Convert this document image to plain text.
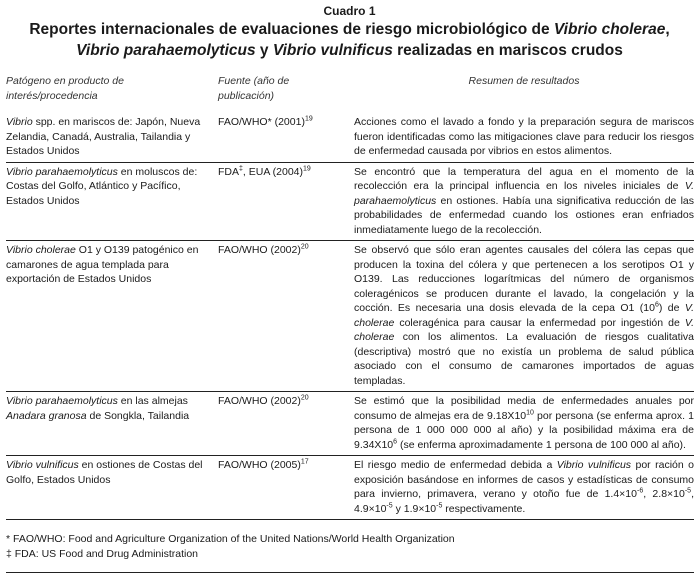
Cuadro 1
Reportes internacionales de evaluaciones de riesgo microbiológico de Vibrio cholerae,
Vibrio parahaemolyticus y Vibrio vulnificus realizadas en mariscos crudos
Patógeno en producto de interés/procedencia	Fuente (año de publicación)	Resumen de resultados
Vibrio spp. en mariscos de: Japón, Nueva Zelandia, Canadá, Australia, Tailandia y Estados Unidos	FAO/WHO* $(2001)^{19}$	Acciones como el lavado a fondo y la preparación segura de mariscos fueron identificadas como las mitigaciones clave para reducir los riesgos de enfermedad causada por vibrios en estos alimentos.
Vibrio parahaemolyticus en moluscos de: Costas del Golfo, Atlántico y Pacífico, Estados Unidos	FDA‡, EUA $(2004)^{19}$	Se encontró que la temperatura del agua en el momento de la recolección era la principal influencia en los niveles iniciales de V. parahaemolyticus en ostiones. Había una significativa reducción de las probabilidades de enfermedad cuando los ostiones eran enfriados inmediatamente luego de la recolección.
Vibrio cholerae O1 y O139 patogénico en camarones de agua templada para exportación de Estados Unidos	FAO/WHO $(2002)^{20}$	Se observó que sólo eran agentes causales del cólera las cepas que producen la toxina del cólera y que pertenecen a los serotipos O1 y O139. Las reducciones logarítmicas del número de organismos coleragénicos se producen durante el lavado, la congelación y la cocción. Es necesaria una dosis elevada de la cepa O1 $(10^6)$ de V. cholerae coleragénica para causar la enfermedad por ingestión de V. cholerae con los alimentos. La evaluación de riesgos cualitativa (descriptiva) mostró que no existía un problema de salud pública asociado con el consumo de camarones importados de aguas templadas.
Vibrio parahaemolyticus en las almejas Anadara granosa de Songkla, Tailandia	FAO/WHO $(2002)^{20}$	Se estimó que la posibilidad media de enfermedades anuales por consumo de almejas era de $9.18X10^{10}$ por persona (se enferma aprox. 1 persona de 1 000 000 000 al año) y la posibilidad máxima era de $9.34X10^6$ (se enferma aproximadamente 1 persona de 100 000 al año).
Vibrio vulnificus en ostiones de Costas del Golfo, Estados Unidos	FAO/WHO $(2005)^{17}$	El riesgo medio de enfermedad debida a Vibrio vulnificus por ración o exposición basándose en informes de casos y estadísticas de consumo para invierno, primavera, verano y otoño fue de $1.4\times 10^{-6}$, $2.8\times 10^{-5}$, $4.9\times 10^{-5}$ y $1.9\times 10^{-5}$ respectivamente.
* FAO/WHO: Food and Agriculture Organization of the United Nations/World Health Organization
‡ FDA: US Food and Drug Administration
